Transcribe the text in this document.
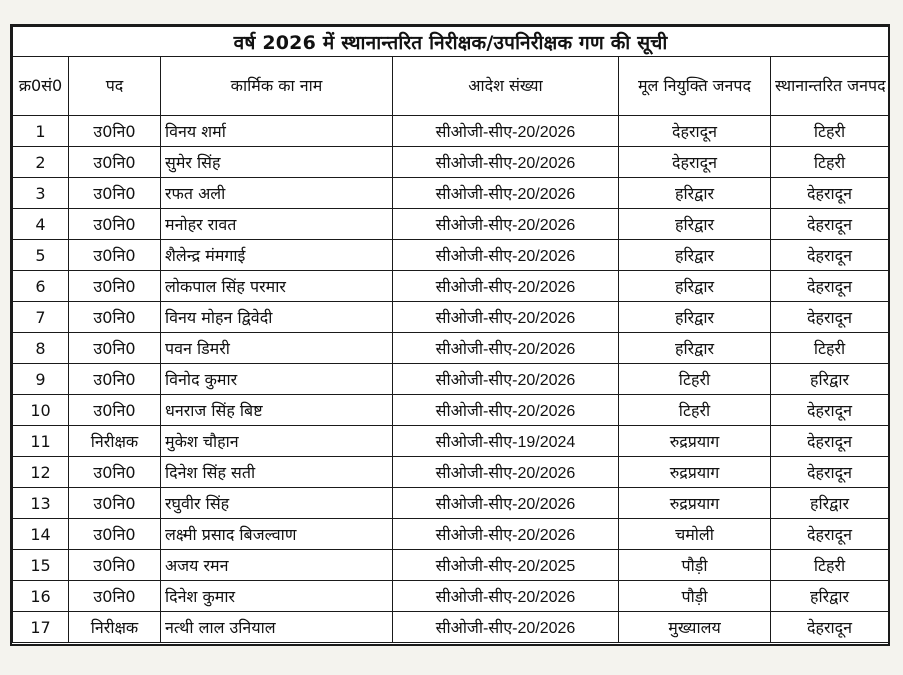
वर्ष 2026 में स्थानान्तरित निरीक्षक/उपनिरीक्षक गण की सूची					
क्र0सं0	पद	कार्मिक का नाम	आदेश संख्या	मूल नियुक्ति जनपद	स्थानान्तरित जनपद
1	उ0नि0	विनय शर्मा	सीओजी-सीए-20/2026	देहरादून	टिहरी
2	उ0नि0	सुमेर सिंह	सीओजी-सीए-20/2026	देहरादून	टिहरी
3	उ0नि0	रफत अली	सीओजी-सीए-20/2026	हरिद्वार	देहरादून
4	उ0नि0	मनोहर रावत	सीओजी-सीए-20/2026	हरिद्वार	देहरादून
5	उ0नि0	शैलेन्द्र मंमगाई	सीओजी-सीए-20/2026	हरिद्वार	देहरादून
6	उ0नि0	लोकपाल सिंह परमार	सीओजी-सीए-20/2026	हरिद्वार	देहरादून
7	उ0नि0	विनय मोहन द्विवेदी	सीओजी-सीए-20/2026	हरिद्वार	देहरादून
8	उ0नि0	पवन डिमरी	सीओजी-सीए-20/2026	हरिद्वार	टिहरी
9	उ0नि0	विनोद कुमार	सीओजी-सीए-20/2026	टिहरी	हरिद्वार
10	उ0नि0	धनराज सिंह बिष्ट	सीओजी-सीए-20/2026	टिहरी	देहरादून
11	निरीक्षक	मुकेश चौहान	सीओजी-सीए-19/2024	रुद्रप्रयाग	देहरादून
12	उ0नि0	दिनेश सिंह सती	सीओजी-सीए-20/2026	रुद्रप्रयाग	देहरादून
13	उ0नि0	रघुवीर सिंह	सीओजी-सीए-20/2026	रुद्रप्रयाग	हरिद्वार
14	उ0नि0	लक्ष्मी प्रसाद बिजल्वाण	सीओजी-सीए-20/2026	चमोली	देहरादून
15	उ0नि0	अजय रमन	सीओजी-सीए-20/2025	पौड़ी	टिहरी
16	उ0नि0	दिनेश कुमार	सीओजी-सीए-20/2026	पौड़ी	हरिद्वार
17	निरीक्षक	नत्थी लाल उनियाल	सीओजी-सीए-20/2026	मुख्यालय	देहरादून
